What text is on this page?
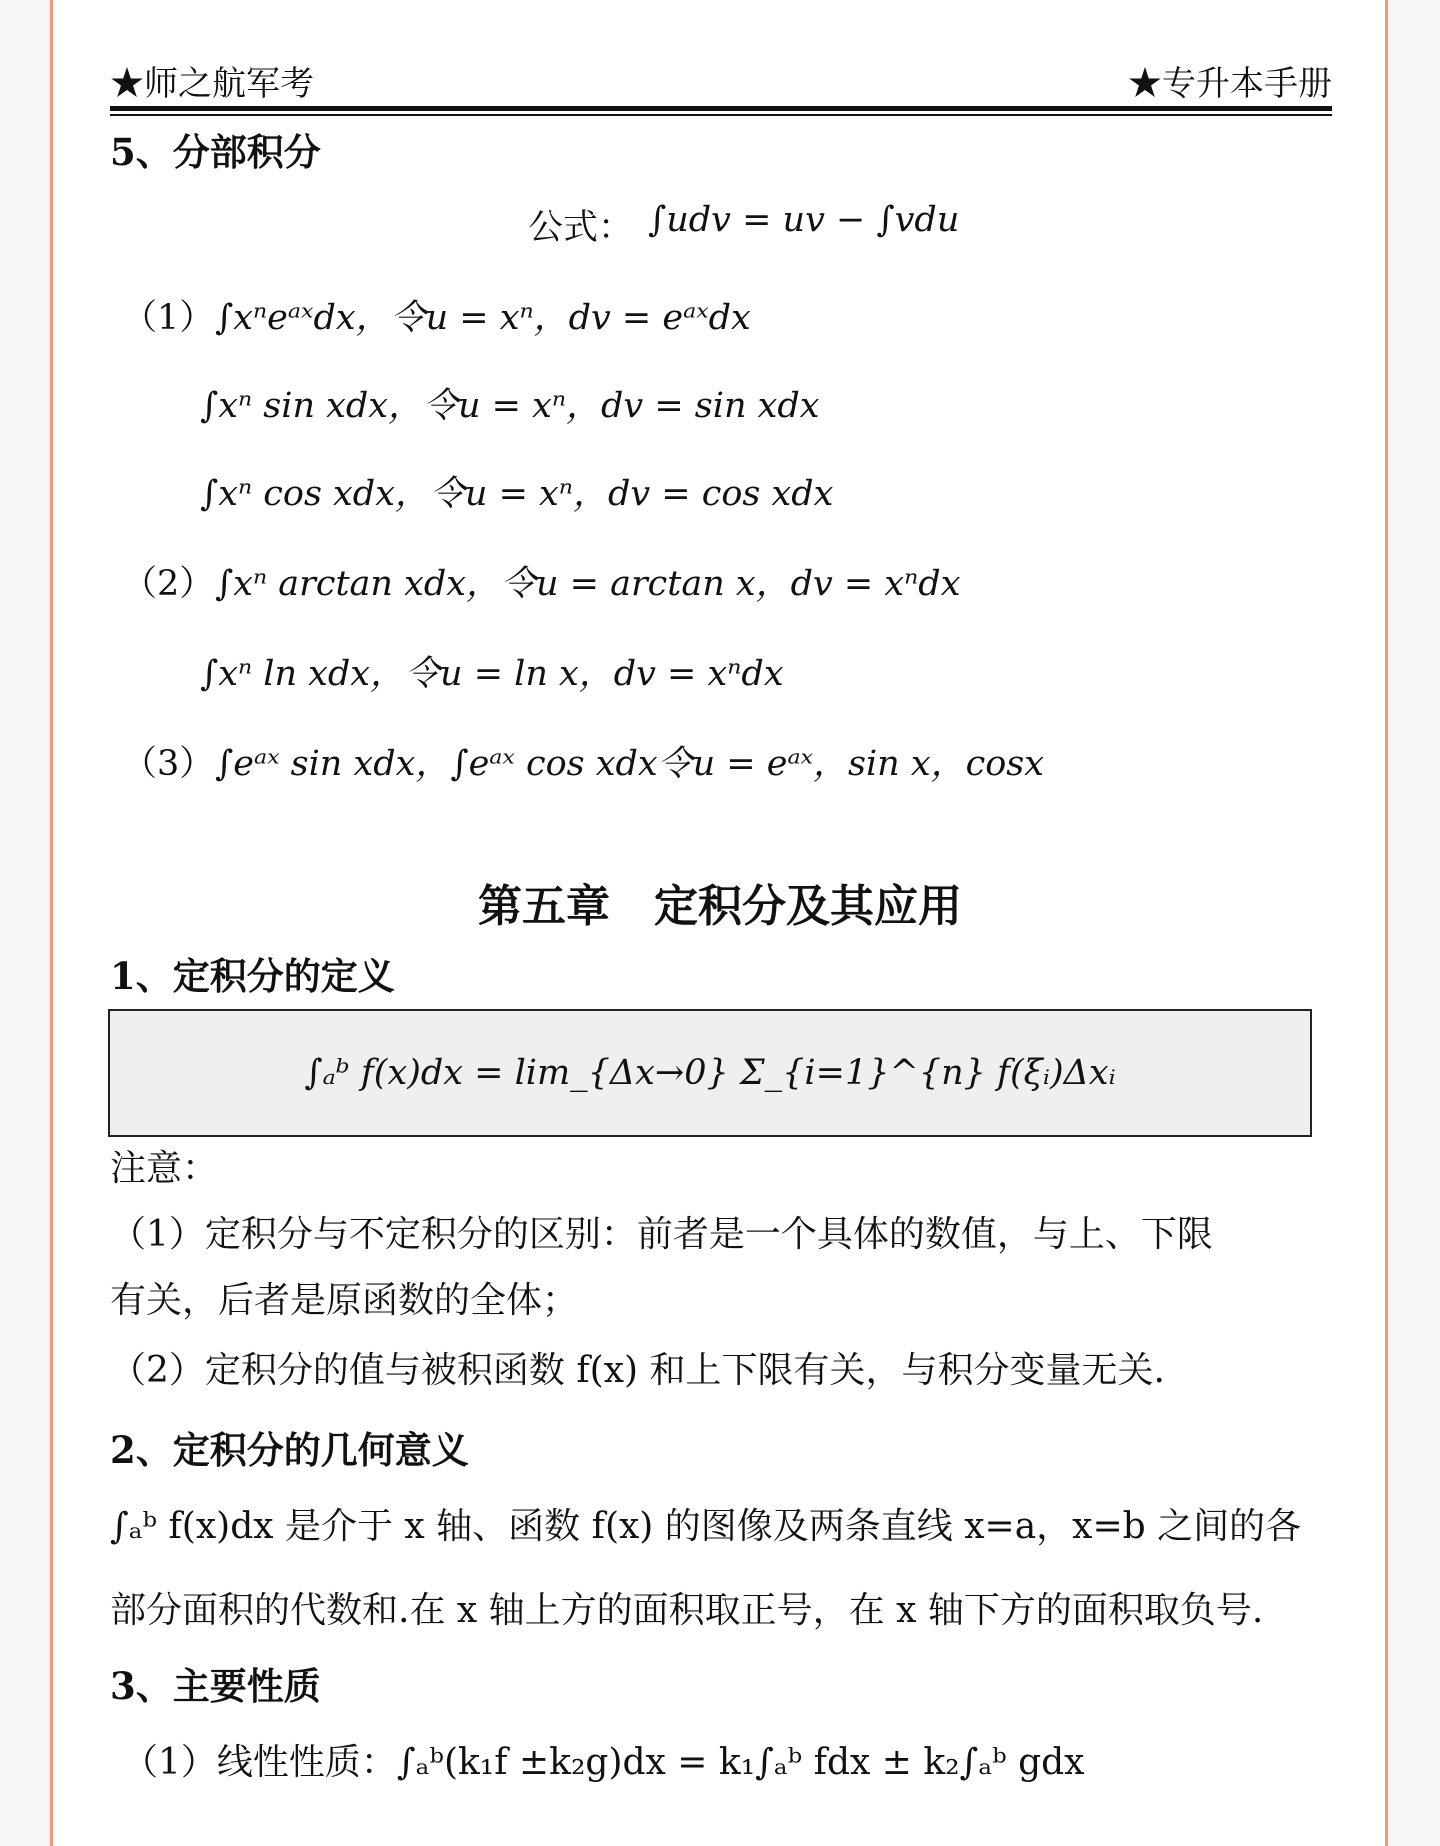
★师之航军考	★专升本手册
5、分部积分
公式： ∫udv = uv − ∫vdu
（1） ∫xⁿeᵃˣdx，令u = xⁿ，dv = eᵃˣdx
∫xⁿ sin xdx，令u = xⁿ，dv = sin xdx
∫xⁿ cos xdx，令u = xⁿ，dv = cos xdx
（2） ∫xⁿ arctan xdx，令u = arctan x，dv = xⁿdx
∫xⁿ ln xdx，令u = ln x，dv = xⁿdx
（3） ∫eᵃˣ sin xdx，∫eᵃˣ cos xdx令u = eᵃˣ，sin x，cosx
第五章　定积分及其应用
1、定积分的定义
∫ₐᵇ f(x)dx = lim_{Δx→0} Σ_{i=1}^{n} f(ξᵢ)Δxᵢ
注意：
（1）定积分与不定积分的区别：前者是一个具体的数值，与上、下限
有关，后者是原函数的全体；
（2）定积分的值与被积函数 f(x) 和上下限有关，与积分变量无关.
2、定积分的几何意义
∫ₐᵇ f(x)dx 是介于 x 轴、函数 f(x) 的图像及两条直线 x=a，x=b 之间的各
部分面积的代数和.在 x 轴上方的面积取正号，在 x 轴下方的面积取负号.
3、主要性质
（1）线性性质：∫ₐᵇ(k₁f ±k₂g)dx = k₁∫ₐᵇ fdx ± k₂∫ₐᵇ gdx
